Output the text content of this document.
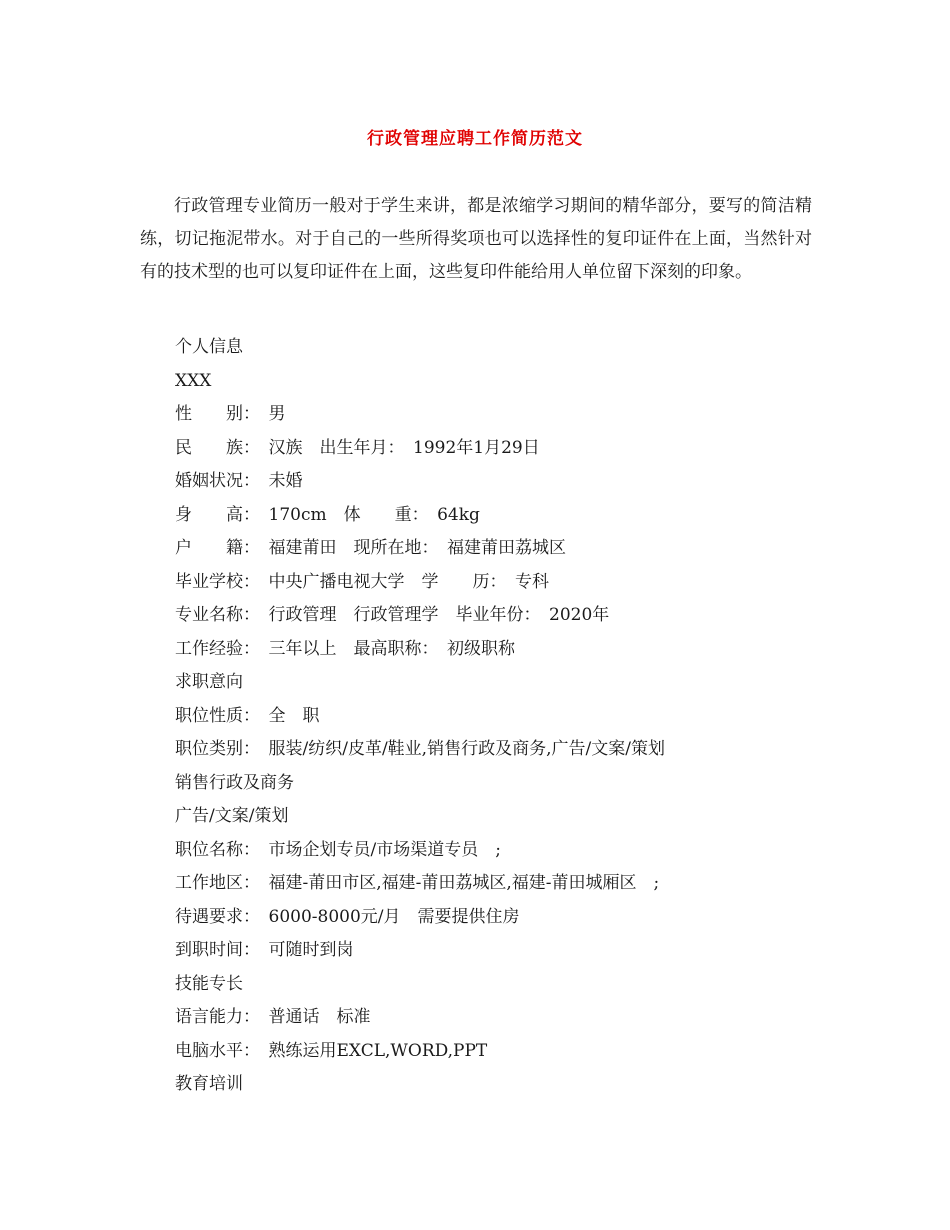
行政管理应聘工作简历范文

行政管理专业简历一般对于学生来讲，都是浓缩学习期间的精华部分，要写的简洁精练，切记拖泥带水。对于自己的一些所得奖项也可以选择性的复印证件在上面，当然针对有的技术型的也可以复印证件在上面，这些复印件能给用人单位留下深刻的印象。

个人信息
XXX
性　　别：　男
民　　族：　汉族　出生年月：　1992年1月29日
婚姻状况：　未婚
身　　高：　170cm　体　　重：　64kg
户　　籍：　福建莆田　现所在地：　福建莆田荔城区
毕业学校：　中央广播电视大学　学　　历：　专科
专业名称：　行政管理　行政管理学　毕业年份：　2020年
工作经验：　三年以上　最高职称：　初级职称
求职意向
职位性质：　全　职
职位类别：　服装/纺织/皮革/鞋业,销售行政及商务,广告/文案/策划
销售行政及商务
广告/文案/策划
职位名称：　市场企划专员/市场渠道专员　;
工作地区：　福建-莆田市区,福建-莆田荔城区,福建-莆田城厢区　;
待遇要求：　6000-8000元/月　需要提供住房
到职时间：　可随时到岗
技能专长
语言能力：　普通话　标准
电脑水平：　熟练运用EXCL,WORD,PPT
教育培训
